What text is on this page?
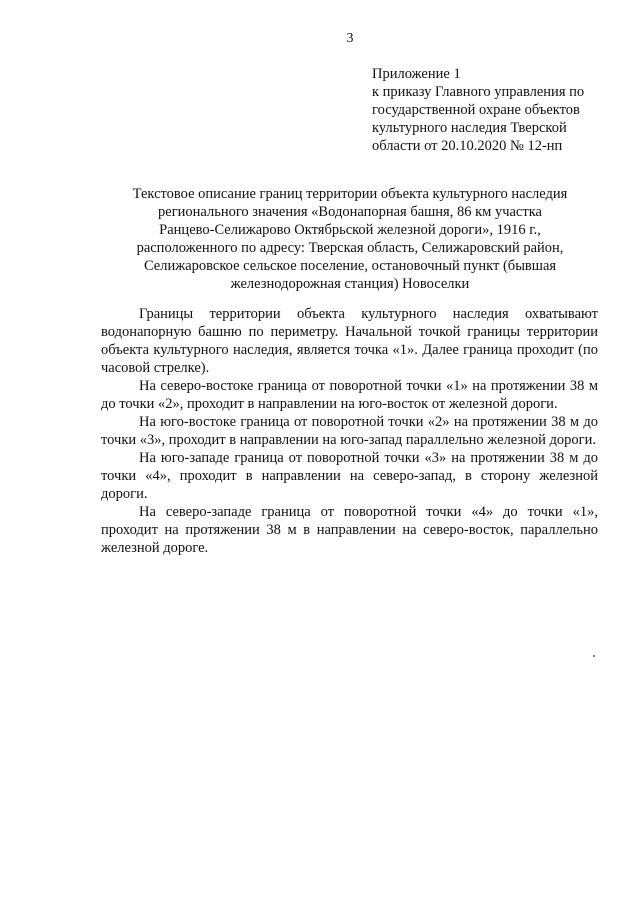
3
Приложение 1
к приказу Главного управления по
государственной охране объектов
культурного наследия Тверской
области от 20.10.2020 № 12-нп
Текстовое описание границ территории объекта культурного наследия
регионального значения «Водонапорная башня, 86 км участка
Ранцево-Селижарово Октябрьской железной дороги», 1916 г.,
расположенного по адресу: Тверская область, Селижаровский район,
Селижаровское сельское поселение, остановочный пункт (бывшая
железнодорожная станция) Новоселки

Границы территории объекта культурного наследия охватывают водонапорную башню по периметру. Начальной точкой границы территории объекта культурного наследия, является точка «1». Далее граница проходит (по часовой стрелке).

На северо-востоке граница от поворотной точки «1» на протяжении 38 м до точки «2», проходит в направлении на юго-восток от железной дороги.

На юго-востоке граница от поворотной точки «2» на протяжении 38 м до точки «3», проходит в направлении на юго-запад параллельно железной дороги.

На юго-западе граница от поворотной точки «3» на протяжении 38 м до точки «4», проходит в направлении на северо-запад, в сторону железной дороги.

На северо-западе граница от поворотной точки «4» до точки «1», проходит на протяжении 38 м в направлении на северо-восток, параллельно железной дороге.
